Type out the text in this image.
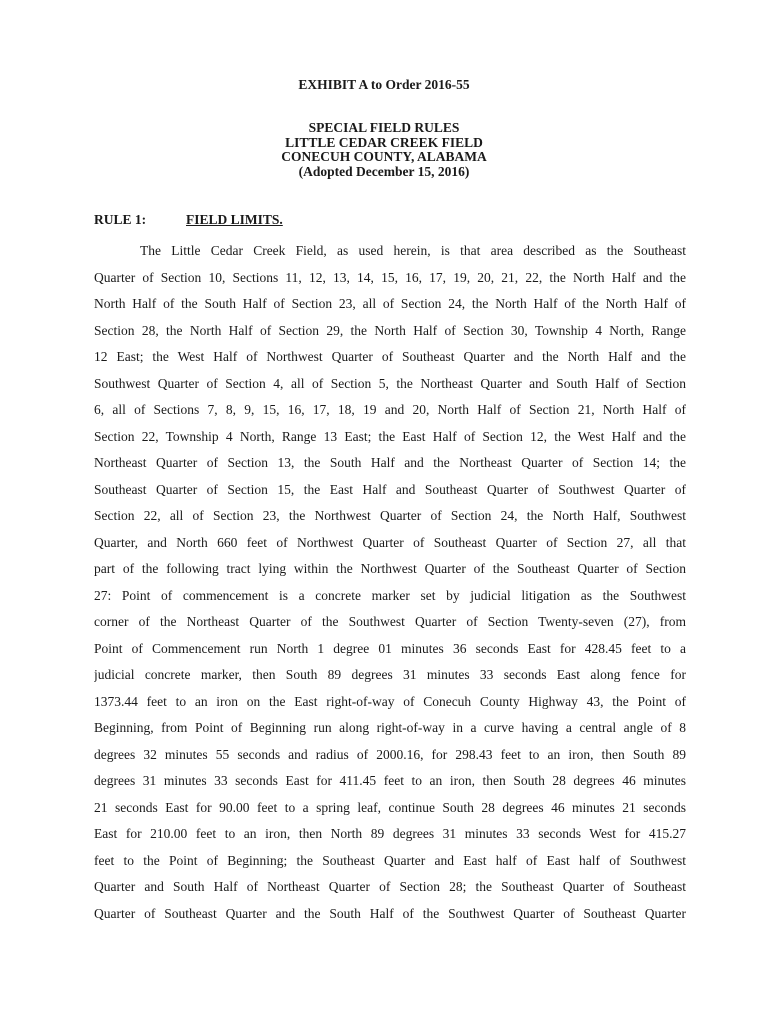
EXHIBIT A to Order 2016-55
SPECIAL FIELD RULES
LITTLE CEDAR CREEK FIELD
CONECUH COUNTY, ALABAMA
(Adopted December 15, 2016)
RULE 1:	FIELD LIMITS.
The Little Cedar Creek Field, as used herein, is that area described as the Southeast
Quarter of Section 10, Sections 11, 12, 13, 14, 15, 16, 17, 19, 20, 21, 22, the North Half and the
North Half of the South Half of Section 23, all of Section 24, the North Half of the North Half of
Section 28, the North Half of Section 29, the North Half of Section 30, Township 4 North, Range
12 East; the West Half of Northwest Quarter of Southeast Quarter and the North Half and the
Southwest Quarter of Section 4, all of Section 5, the Northeast Quarter and South Half of Section
6, all of Sections 7, 8, 9, 15, 16, 17, 18, 19 and 20, North Half of Section 21, North Half of
Section 22, Township 4 North, Range 13 East; the East Half of Section 12, the West Half and the
Northeast Quarter of Section 13, the South Half and the Northeast Quarter of Section 14; the
Southeast Quarter of Section 15, the East Half and Southeast Quarter of Southwest Quarter of
Section 22, all of Section 23, the Northwest Quarter of Section 24, the North Half, Southwest
Quarter, and North 660 feet of Northwest Quarter of Southeast Quarter of Section 27, all that
part of the following tract lying within the Northwest Quarter of the Southeast Quarter of Section
27: Point of commencement is a concrete marker set by judicial litigation as the Southwest
corner of the Northeast Quarter of the Southwest Quarter of Section Twenty-seven (27), from
Point of Commencement run North 1 degree 01 minutes 36 seconds East for 428.45 feet to a
judicial concrete marker, then South 89 degrees 31 minutes 33 seconds East along fence for
1373.44 feet to an iron on the East right-of-way of Conecuh County Highway 43, the Point of
Beginning, from Point of Beginning run along right-of-way in a curve having a central angle of 8
degrees 32 minutes 55 seconds and radius of 2000.16, for 298.43 feet to an iron, then South 89
degrees 31 minutes 33 seconds East for 411.45 feet to an iron, then South 28 degrees 46 minutes
21 seconds East for 90.00 feet to a spring leaf, continue South 28 degrees 46 minutes 21 seconds
East for 210.00 feet to an iron, then North 89 degrees 31 minutes 33 seconds West for 415.27
feet to the Point of Beginning; the Southeast Quarter and East half of East half of Southwest
Quarter and South Half of Northeast Quarter of Section 28; the Southeast Quarter of Southeast
Quarter of Southeast Quarter and the South Half of the Southwest Quarter of Southeast Quarter
